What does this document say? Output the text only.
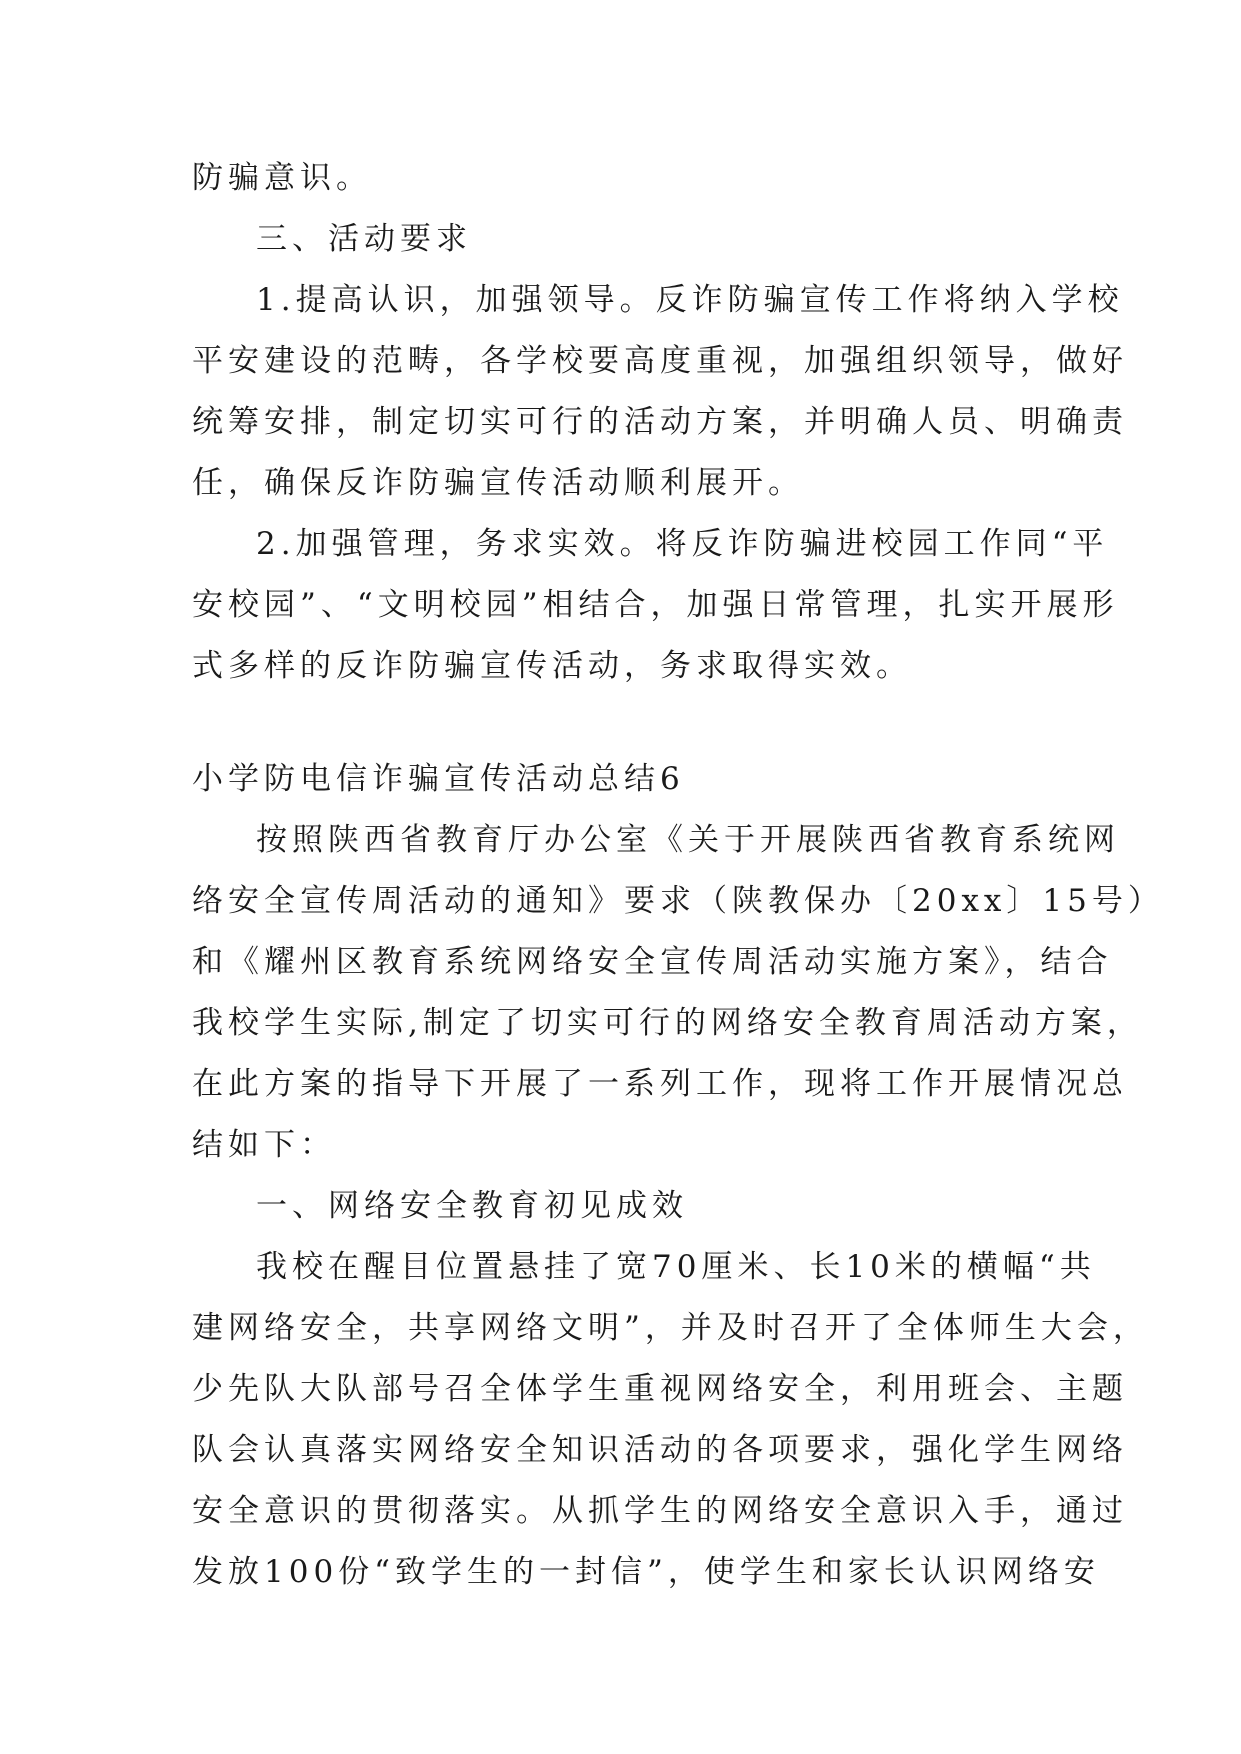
防骗意识。
三、活动要求
1.提高认识，加强领导。反诈防骗宣传工作将纳入学校
平安建设的范畴，各学校要高度重视，加强组织领导，做好
统筹安排，制定切实可行的活动方案，并明确人员、明确责
任，确保反诈防骗宣传活动顺利展开。
2.加强管理，务求实效。将反诈防骗进校园工作同“平
安校园”、“文明校园”相结合，加强日常管理，扎实开展形
式多样的反诈防骗宣传活动，务求取得实效。
小学防电信诈骗宣传活动总结6
按照陕西省教育厅办公室《关于开展陕西省教育系统网
络安全宣传周活动的通知》要求（陕教保办〔20xx〕15号）
和《耀州区教育系统网络安全宣传周活动实施方案》，结合
我校学生实际,制定了切实可行的网络安全教育周活动方案，
在此方案的指导下开展了一系列工作，现将工作开展情况总
结如下：
一、网络安全教育初见成效
我校在醒目位置悬挂了宽70厘米、长10米的横幅“共
建网络安全，共享网络文明”，并及时召开了全体师生大会，
少先队大队部号召全体学生重视网络安全，利用班会、主题
队会认真落实网络安全知识活动的各项要求，强化学生网络
安全意识的贯彻落实。从抓学生的网络安全意识入手，通过
发放100份“致学生的一封信”，使学生和家长认识网络安
